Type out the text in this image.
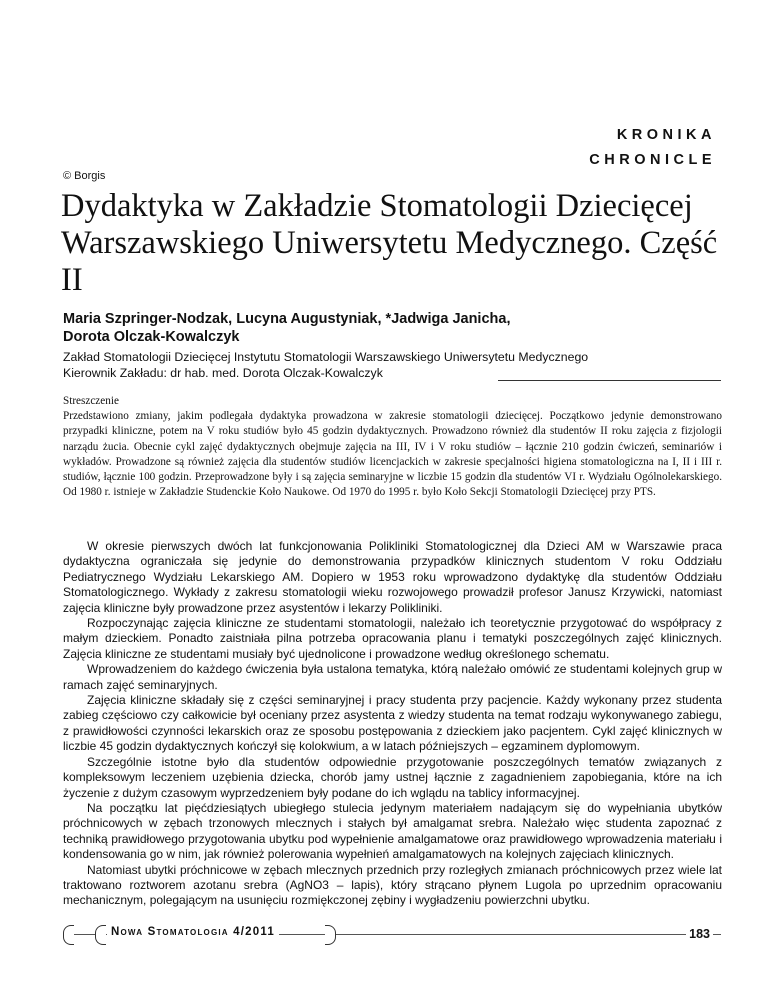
KRONIKA
CHRONICLE
© Borgis
Dydaktyka w Zakładzie Stomatologii Dziecięcej Warszawskiego Uniwersytetu Medycznego. Część II
Maria Szpringer-Nodzak, Lucyna Augustyniak, *Jadwiga Janicha,
Dorota Olczak-Kowalczyk
Zakład Stomatologii Dziecięcej Instytutu Stomatologii Warszawskiego Uniwersytetu Medycznego
Kierownik Zakładu: dr hab. med. Dorota Olczak-Kowalczyk

Streszczenie

Przedstawiono zmiany, jakim podlegała dydaktyka prowadzona w zakresie stomatologii dziecięcej. Początkowo jedynie demonstrowano przypadki kliniczne, potem na V roku studiów było 45 godzin dydaktycznych. Prowadzono również dla studentów II roku zajęcia z fizjologii narządu żucia. Obecnie cykl zajęć dydaktycznych obejmuje zajęcia na III, IV i V roku studiów – łącznie 210 godzin ćwiczeń, seminariów i wykładów. Prowadzone są również zajęcia dla studentów studiów licencjackich w zakresie specjalności higiena stomatologiczna na I, II i III r. studiów, łącznie 100 godzin. Przeprowadzone były i są zajęcia seminaryjne w liczbie 15 godzin dla studentów VI r. Wydziału Ogólnolekarskiego. Od 1980 r. istnieje w Zakładzie Studenckie Koło Naukowe. Od 1970 do 1995 r. było Koło Sekcji Stomatologii Dziecięcej przy PTS.

W okresie pierwszych dwóch lat funkcjonowania Polikliniki Stomatologicznej dla Dzieci AM w Warszawie praca dydaktyczna ograniczała się jedynie do demonstrowania przypadków klinicznych studentom V roku Oddziału Pediatrycznego Wydziału Lekarskiego AM. Dopiero w 1953 roku wprowadzono dydaktykę dla studentów Oddziału Stomatologicznego. Wykłady z zakresu stomatologii wieku rozwojowego prowadził profesor Janusz Krzywicki, natomiast zajęcia kliniczne były prowadzone przez asystentów i lekarzy Polikliniki.

Rozpoczynając zajęcia kliniczne ze studentami stomatologii, należało ich teoretycznie przygotować do współpracy z małym dzieckiem. Ponadto zaistniała pilna potrzeba opracowania planu i tematyki poszczególnych zajęć klinicznych. Zajęcia kliniczne ze studentami musiały być ujednolicone i prowadzone według określonego schematu.

Wprowadzeniem do każdego ćwiczenia była ustalona tematyka, którą należało omówić ze studentami kolejnych grup w ramach zajęć seminaryjnych.

Zajęcia kliniczne składały się z części seminaryjnej i pracy studenta przy pacjencie. Każdy wykonany przez studenta zabieg częściowo czy całkowicie był oceniany przez asystenta z wiedzy studenta na temat rodzaju wykonywanego zabiegu, z prawidłowości czynności lekarskich oraz ze sposobu postępowania z dzieckiem jako pacjentem. Cykl zajęć klinicznych w liczbie 45 godzin dydaktycznych kończył się kolokwium, a w latach późniejszych – egzaminem dyplomowym.

Szczególnie istotne było dla studentów odpowiednie przygotowanie poszczególnych tematów związanych z kompleksowym leczeniem uzębienia dziecka, chorób jamy ustnej łącznie z zagadnieniem zapobiegania, które na ich życzenie z dużym czasowym wyprzedzeniem były podane do ich wglądu na tablicy informacyjnej.

Na początku lat pięćdziesiątych ubiegłego stulecia jedynym materiałem nadającym się do wypełniania ubytków próchnicowych w zębach trzonowych mlecznych i stałych był amalgamat srebra. Należało więc studenta zapoznać z techniką prawidłowego przygotowania ubytku pod wypełnienie amalgamatowe oraz prawidłowego wprowadzenia materiału i kondensowania go w nim, jak również polerowania wypełnień amalgamatowych na kolejnych zajęciach klinicznych.

Natomiast ubytki próchnicowe w zębach mlecznych przednich przy rozległych zmianach próchnicowych przez wiele lat traktowano roztworem azotanu srebra (AgNO3 – lapis), który strącano płynem Lugola po uprzednim opracowaniu mechanicznym, polegającym na usunięciu rozmiękczonej zębiny i wygładzeniu powierzchni ubytku.

Nowa Stomatologia 4/2011	183
